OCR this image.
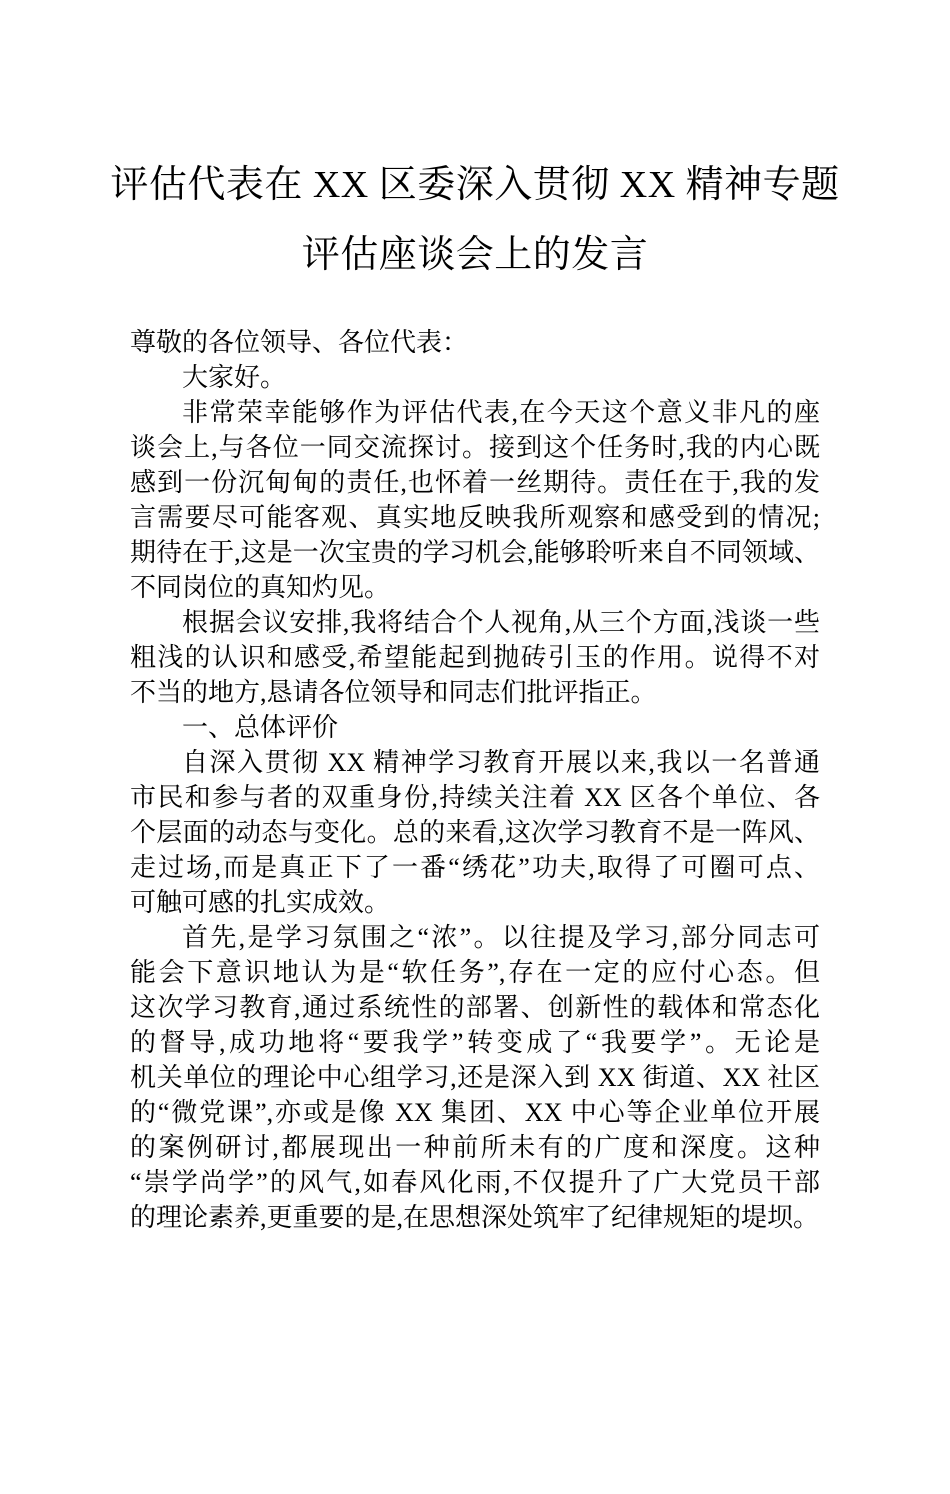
评估代表在 XX 区委深入贯彻 XX 精神专题
评估座谈会上的发言
尊敬的各位领导、各位代表：
大家好。
非常荣幸能够作为评估代表,在今天这个意义非凡的座
谈会上,与各位一同交流探讨。接到这个任务时,我的内心既
感到一份沉甸甸的责任,也怀着一丝期待。责任在于,我的发
言需要尽可能客观、真实地反映我所观察和感受到的情况;
期待在于,这是一次宝贵的学习机会,能够聆听来自不同领域、
不同岗位的真知灼见。
根据会议安排,我将结合个人视角,从三个方面,浅谈一些
粗浅的认识和感受,希望能起到抛砖引玉的作用。说得不对
不当的地方,恳请各位领导和同志们批评指正。
一、总体评价
自深入贯彻 XX 精神学习教育开展以来,我以一名普通
市民和参与者的双重身份,持续关注着 XX 区各个单位、各
个层面的动态与变化。总的来看,这次学习教育不是一阵风、
走过场,而是真正下了一番“绣花”功夫,取得了可圈可点、
可触可感的扎实成效。
首先,是学习氛围之“浓”。以往提及学习,部分同志可
能会下意识地认为是“软任务”,存在一定的应付心态。但
这次学习教育,通过系统性的部署、创新性的载体和常态化
的督导,成功地将“要我学”转变成了“我要学”。无论是
机关单位的理论中心组学习,还是深入到 XX 街道、XX 社区
的“微党课”,亦或是像 XX 集团、XX 中心等企业单位开展
的案例研讨,都展现出一种前所未有的广度和深度。这种
“崇学尚学”的风气,如春风化雨,不仅提升了广大党员干部
的理论素养,更重要的是,在思想深处筑牢了纪律规矩的堤坝。
